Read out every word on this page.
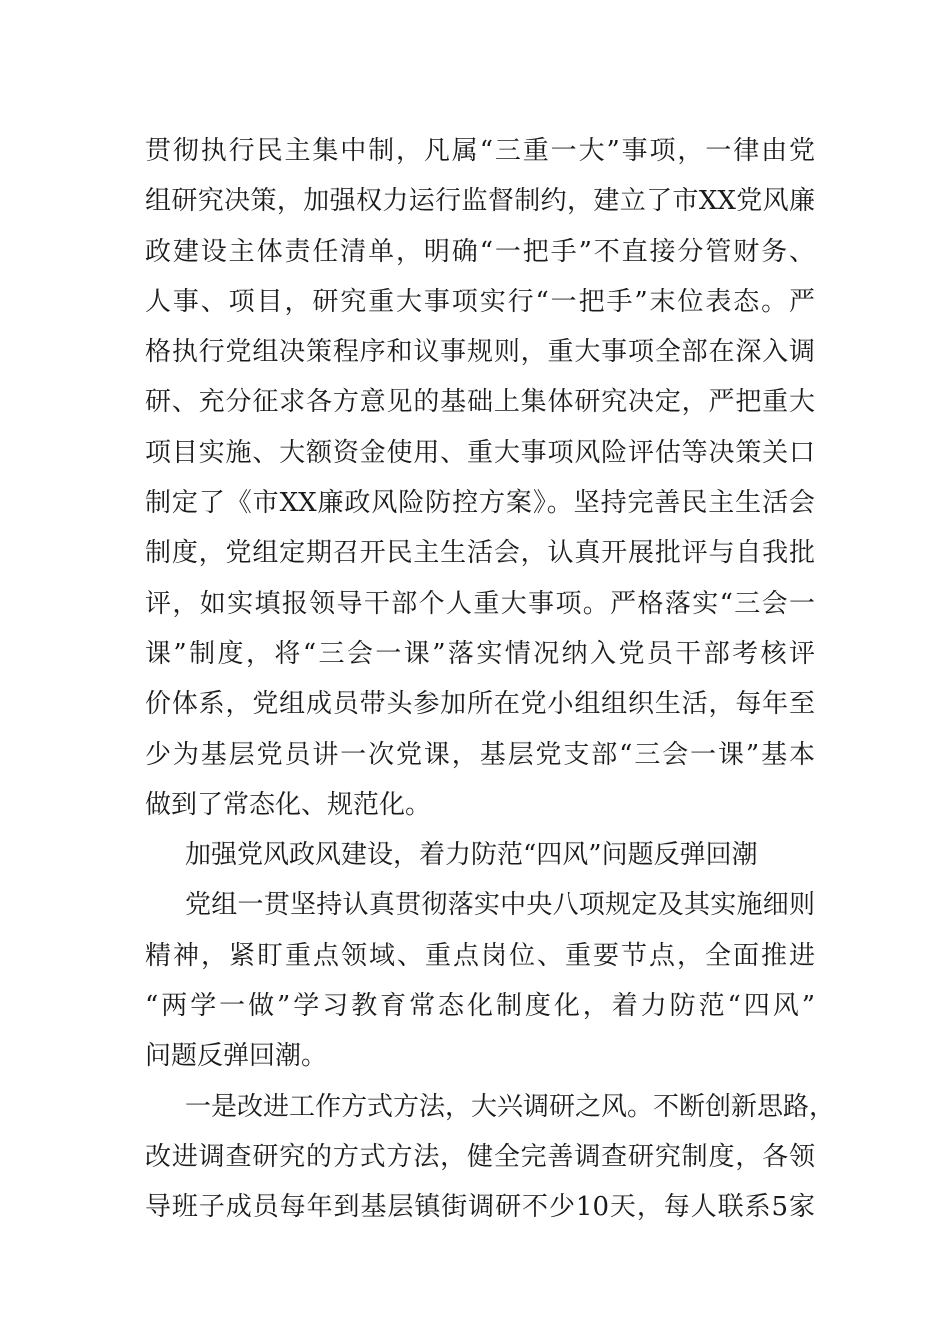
贯彻执行民主集中制，凡属“三重一大”事项，一律由党
组研究决策，加强权力运行监督制约，建立了市XX党风廉
政建设主体责任清单，明确“一把手”不直接分管财务、
人事、项目，研究重大事项实行“一把手”末位表态。严
格执行党组决策程序和议事规则，重大事项全部在深入调
研、充分征求各方意见的基础上集体研究决定，严把重大
项目实施、大额资金使用、重大事项风险评估等决策关口
制定了《市XX廉政风险防控方案》。坚持完善民主生活会
制度，党组定期召开民主生活会，认真开展批评与自我批
评，如实填报领导干部个人重大事项。严格落实“三会一
课”制度，将“三会一课”落实情况纳入党员干部考核评
价体系，党组成员带头参加所在党小组组织生活，每年至
少为基层党员讲一次党课，基层党支部“三会一课”基本
做到了常态化、规范化。
加强党风政风建设，着力防范“四风”问题反弹回潮
党组一贯坚持认真贯彻落实中央八项规定及其实施细则
精神，紧盯重点领域、重点岗位、重要节点，全面推进
“两学一做”学习教育常态化制度化，着力防范“四风”
问题反弹回潮。
一是改进工作方式方法，大兴调研之风。不断创新思路，
改进调查研究的方式方法，健全完善调查研究制度，各领
导班子成员每年到基层镇街调研不少10天，每人联系5家
